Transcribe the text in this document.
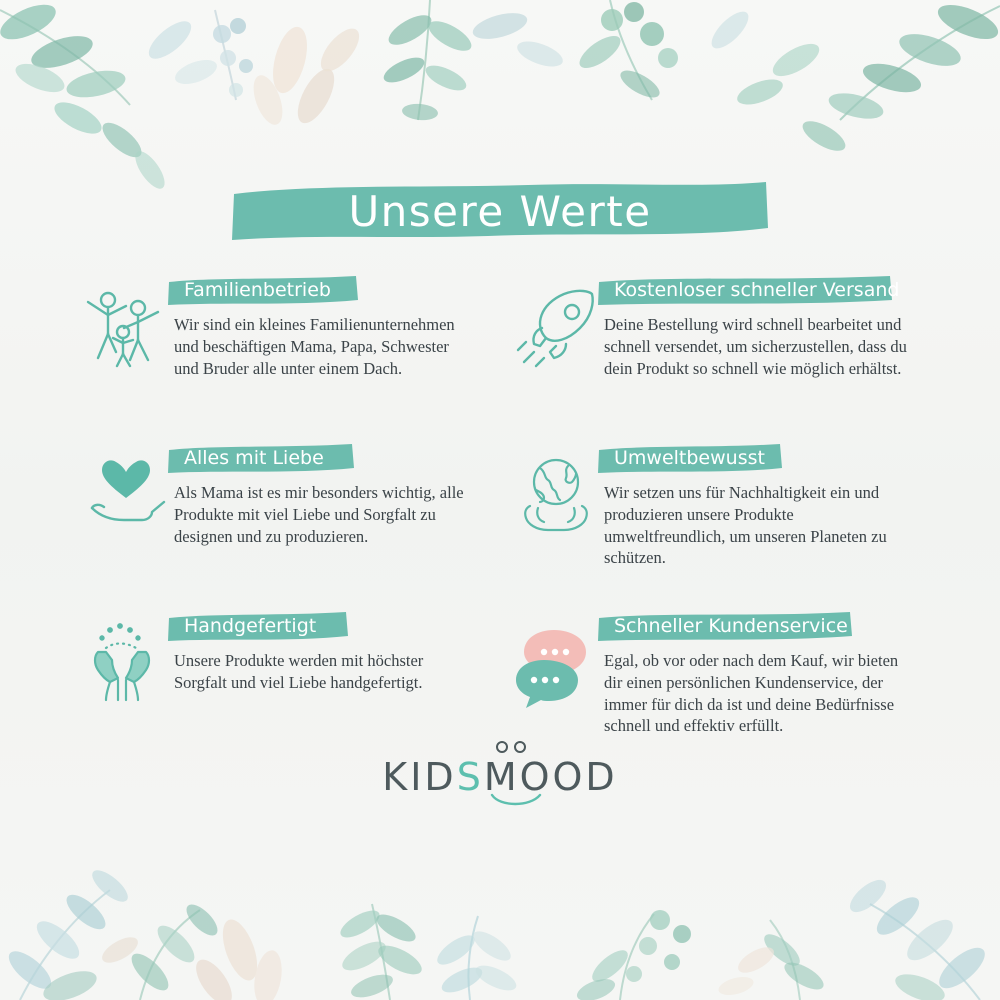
Unsere Werte
Familienbetrieb
Wir sind ein kleines Familienunternehmen und beschäftigen Mama, Papa, Schwester und Bruder alle unter einem Dach.
Kostenloser schneller Versand
Deine Bestellung wird schnell bearbeitet und schnell versendet, um sicherzustellen, dass du dein Produkt so schnell wie möglich erhältst.
Alles mit Liebe
Als Mama ist es mir besonders wichtig, alle Produkte mit viel Liebe und Sorgfalt zu designen und zu produzieren.
Umweltbewusst
Wir setzen uns für Nachhaltigkeit ein und produzieren unsere Produkte umweltfreundlich, um unseren Planeten zu schützen.
Handgefertigt
Unsere Produkte werden mit höchster Sorgfalt und viel Liebe handgefertigt.
Schneller Kundenservice
Egal, ob vor oder nach dem Kauf, wir bieten dir einen persönlichen Kundenservice, der immer für dich da ist und deine Bedürfnisse schnell und effektiv erfüllt.
KID S MOOD
